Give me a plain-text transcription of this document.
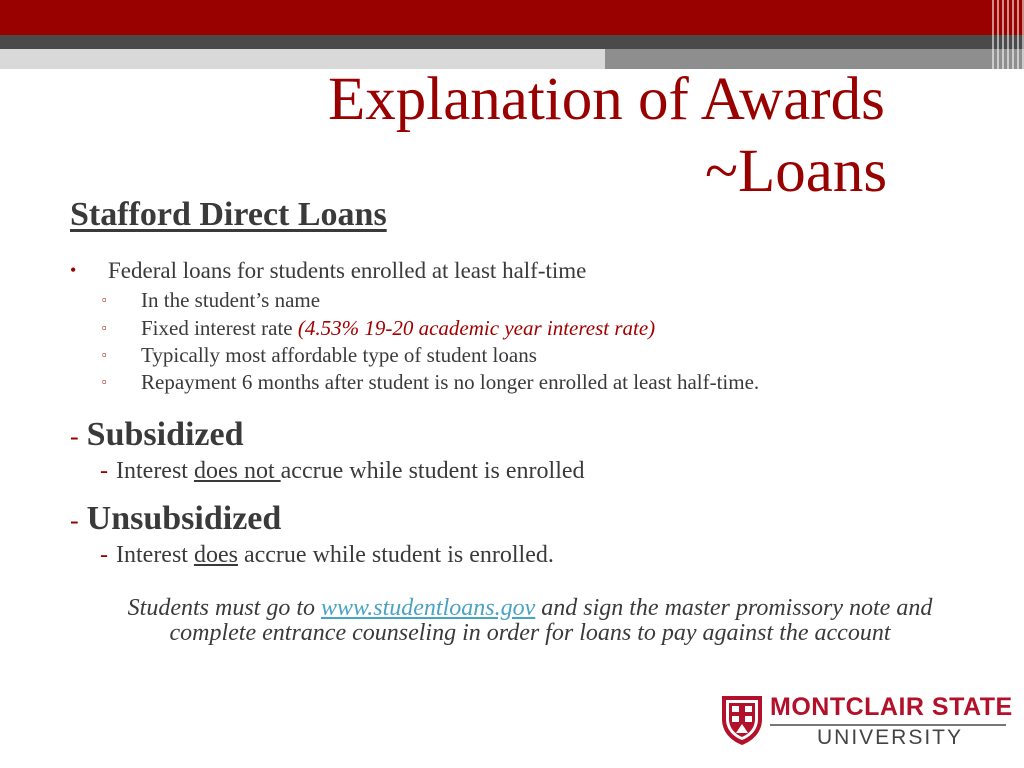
Explanation of Awards
~Loans
Stafford Direct Loans
• Federal loans for students enrolled at least half-time
▫ In the student’s name
▫ Fixed interest rate (4.53% 19-20 academic year interest rate)
▫ Typically most affordable type of student loans
▫ Repayment 6 months after student is no longer enrolled at least half-time.
- Subsidized
- Interest does not accrue while student is enrolled
- Unsubsidized
- Interest does accrue while student is enrolled.
Students must go to www.studentloans.gov and sign the master promissory note and complete entrance counseling in order for loans to pay against the account
MONTCLAIR STATE
UNIVERSITY
